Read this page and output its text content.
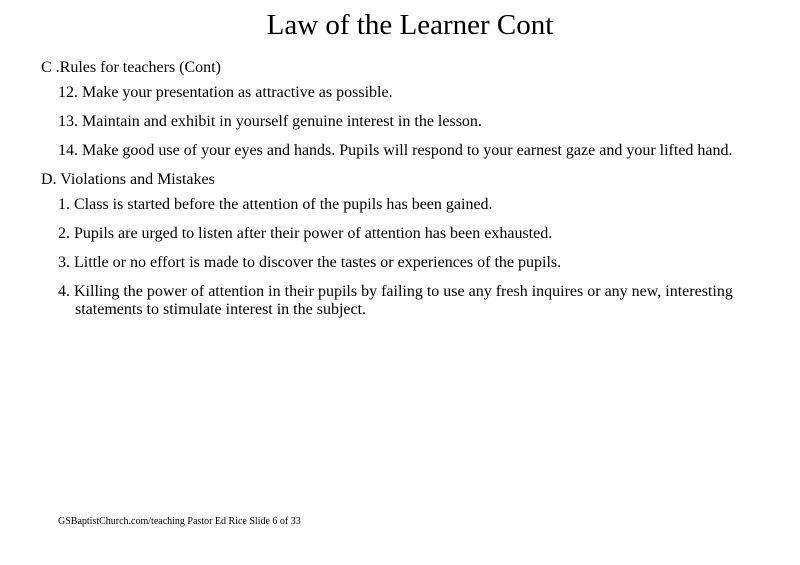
Law of the Learner Cont

C .Rules for teachers (Cont)

12. Make your presentation as attractive as possible.

13. Maintain and exhibit in yourself genuine interest in the lesson.

14. Make good use of your eyes and hands. Pupils will respond to your earnest gaze and your lifted hand.

D. Violations and Mistakes

1. Class is started before the attention of the pupils has been gained.

2. Pupils are urged to listen after their power of attention has been exhausted.

3. Little or no effort is made to discover the tastes or experiences of the pupils.

4. Killing the power of attention in their pupils by failing to use any fresh inquires or any new, interesting statements to stimulate interest in the subject.

GSBaptistChurch.com/teaching Pastor Ed Rice Slide 6 of 33
